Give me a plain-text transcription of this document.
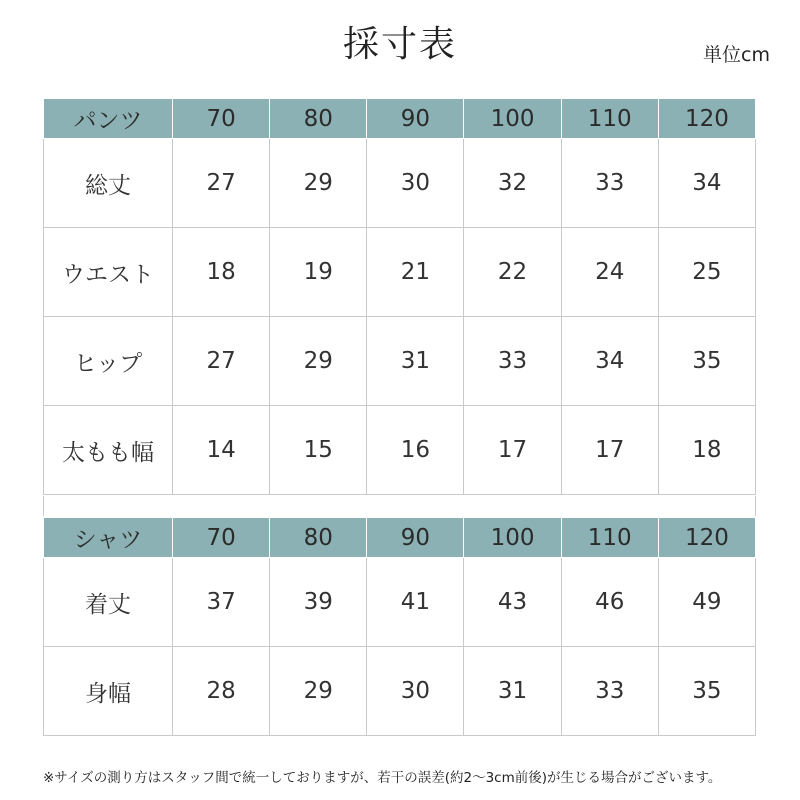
採寸表	単位cm
パンツ	70	80	90	100	110	120
総丈	27	29	30	32	33	34
ウエスト	18	19	21	22	24	25
ヒップ	27	29	31	33	34	35
太もも幅	14	15	16	17	17	18
シャツ	70	80	90	100	110	120
着丈	37	39	41	43	46	49
身幅	28	29	30	31	33	35
※サイズの測り方はスタッフ間で統一しておりますが、若干の誤差(約2～3cm前後)が生じる場合がございます。
